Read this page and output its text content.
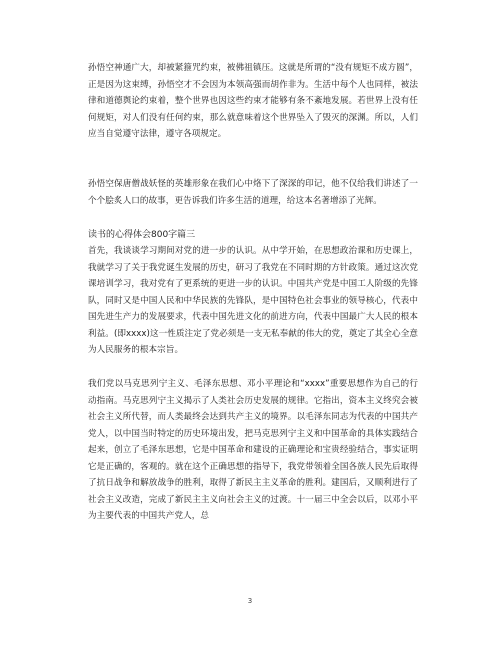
孙悟空神通广大，却被紧箍咒约束，被佛祖镇压。这就是所谓的“没有规矩不成方圆”，正是因为这束缚，孙悟空才不会因为本领高强而胡作非为。生活中每个人也同样，被法律和道德舆论约束着，整个世界也因这些约束才能够有条不紊地发展。若世界上没有任何规矩，对人们没有任何约束，那么就意味着这个世界坠入了毁灭的深渊。所以，人们应当自觉遵守法律，遵守各项规定。

孙悟空保唐僧战妖怪的英雄形象在我们心中烙下了深深的印记，他不仅给我们讲述了一个个脍炙人口的故事，更告诉我们许多生活的道理，给这本名著增添了光辉。

读书的心得体会800字篇三

首先，我谈谈学习期间对党的进一步的认识。从中学开始，在思想政治课和历史课上，我就学习了关于我党诞生发展的历史，研习了我党在不同时期的方针政策。通过这次党课培训学习，我对党有了更系统的更进一步的认识。中国共产党是中国工人阶级的先锋队，同时又是中国人民和中华民族的先锋队，是中国特色社会事业的领导核心，代表中国先进生产力的发展要求，代表中国先进文化的前进方向，代表中国最广大人民的根本利益。(即xxxx)这一性质注定了党必须是一支无私奉献的伟大的党，奠定了其全心全意为人民服务的根本宗旨。

我们党以马克思列宁主义、毛泽东思想、邓小平理论和“xxxx”重要思想作为自己的行动指南。马克思列宁主义揭示了人类社会历史发展的规律。它指出，资本主义终究会被社会主义所代替，而人类最终会达到共产主义的境界。以毛泽东同志为代表的中国共产党人，以中国当时特定的历史环境出发，把马克思列宁主义和中国革命的具体实践结合起来，创立了毛泽东思想，它是中国革命和建设的正确理论和宝贵经验结合，事实证明它是正确的，客观的。就在这个正确思想的指导下，我党带领着全国各族人民先后取得了抗日战争和解放战争的胜利，取得了新民主主义革命的胜利。建国后，又顺利进行了社会主义改造，完成了新民主主义向社会主义的过渡。十一届三中全会以后，以邓小平为主要代表的中国共产党人，总

3
